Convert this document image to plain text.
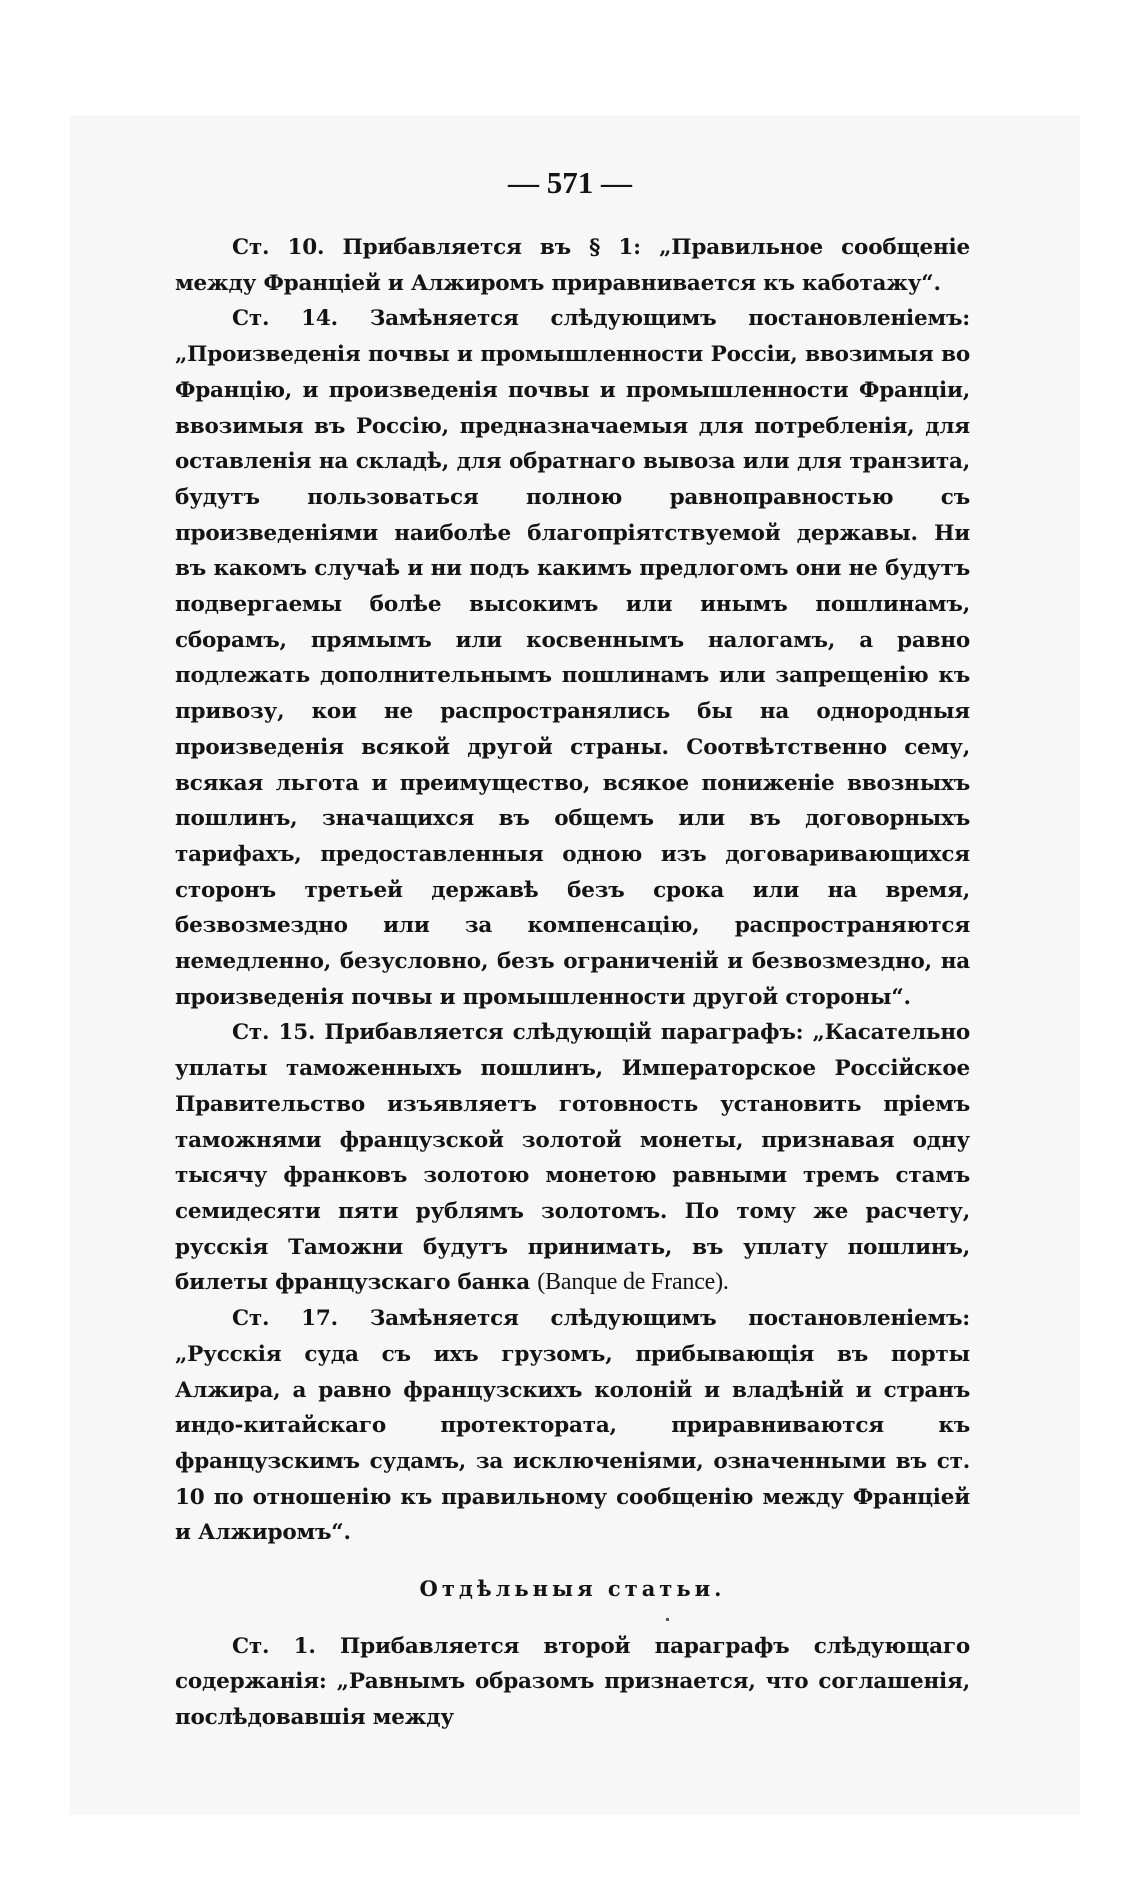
— 571 —

Ст. 10. Прибавляется въ § 1: „Правильное сообщеніе между Франціей и Алжиромъ приравнивается къ каботажу“.

Ст. 14. Замѣняется слѣдующимъ постановленіемъ: „Произведенія почвы и промышленности Россіи, ввозимыя во Францію, и произведенія почвы и промышленности Франціи, ввозимыя въ Россію, предназначаемыя для потребленія, для оставленія на складѣ, для обратнаго вывоза или для транзита, будутъ пользоваться полною равноправностью съ произведеніями наиболѣе благопріятствуемой державы. Ни въ какомъ случаѣ и ни подъ какимъ предлогомъ они не будутъ подвергаемы болѣе высокимъ или инымъ пошлинамъ, сборамъ, прямымъ или косвеннымъ налогамъ, а равно подлежать дополнительнымъ пошлинамъ или запрещенію къ привозу, кои не распространялись бы на однородныя произведенія всякой другой страны. Соотвѣтственно сему, всякая льгота и преимущество, всякое пониженіе ввозныхъ пошлинъ, значащихся въ общемъ или въ договорныхъ тарифахъ, предоставленныя одною изъ договаривающихся сторонъ третьей державѣ безъ срока или на время, безвозмездно или за компенсацію, распространяются немедленно, безусловно, безъ ограниченій и безвозмездно, на произведенія почвы и промышленности другой стороны“.

Ст. 15. Прибавляется слѣдующій параграфъ: „Касательно уплаты таможенныхъ пошлинъ, Императорское Россійское Правительство изъявляетъ готовность установить пріемъ таможнями французской золотой монеты, признавая одну тысячу франковъ золотою монетою равными тремъ стамъ семидесяти пяти рублямъ золотомъ. По тому же расчету, русскія Таможни будутъ принимать, въ уплату пошлинъ, билеты французскаго банка (Banque de France).

Ст. 17. Замѣняется слѣдующимъ постановленіемъ: „Русскія суда съ ихъ грузомъ, прибывающія въ порты Алжира, а равно французскихъ колоній и владѣній и странъ индо-китайскаго протектората, приравниваются къ французскимъ судамъ, за исключеніями, означенными въ ст. 10 по отношенію къ правильному сообщенію между Франціей и Алжиромъ“.

Отдѣльныя статьи.

Ст. 1. Прибавляется второй параграфъ слѣдующаго содержанія: „Равнымъ образомъ признается, что соглашенія, послѣдовавшія между
